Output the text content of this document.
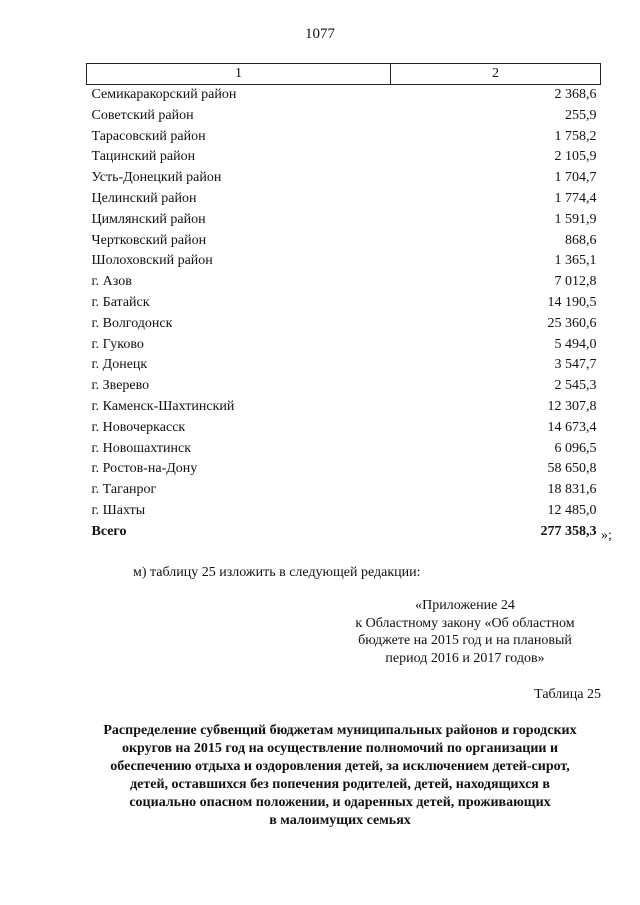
1077
1	2
Семикаракорский район	2 368,6
Советский район	255,9
Тарасовский район	1 758,2
Тацинский район	2 105,9
Усть-Донецкий район	1 704,7
Целинский район	1 774,4
Цимлянский район	1 591,9
Чертковский район	868,6
Шолоховский район	1 365,1
г. Азов	7 012,8
г. Батайск	14 190,5
г. Волгодонск	25 360,6
г. Гуково	5 494,0
г. Донецк	3 547,7
г. Зверево	2 545,3
г. Каменск-Шахтинский	12 307,8
г. Новочеркасск	14 673,4
г. Новошахтинск	6 096,5
г. Ростов-на-Дону	58 650,8
г. Таганрог	18 831,6
г. Шахты	12 485,0
Всего	277 358,3 »;
м) таблицу 25 изложить в следующей редакции:
«Приложение 24
к Областному закону «Об областном
бюджете на 2015 год и на плановый
период 2016 и 2017 годов»
Таблица 25
Распределение субвенций бюджетам муниципальных районов и городских
округов на 2015 год на осуществление полномочий по организации и
обеспечению отдыха и оздоровления детей, за исключением детей-сирот,
детей, оставшихся без попечения родителей, детей, находящихся в
социально опасном положении, и одаренных детей, проживающих
в малоимущих семьях
